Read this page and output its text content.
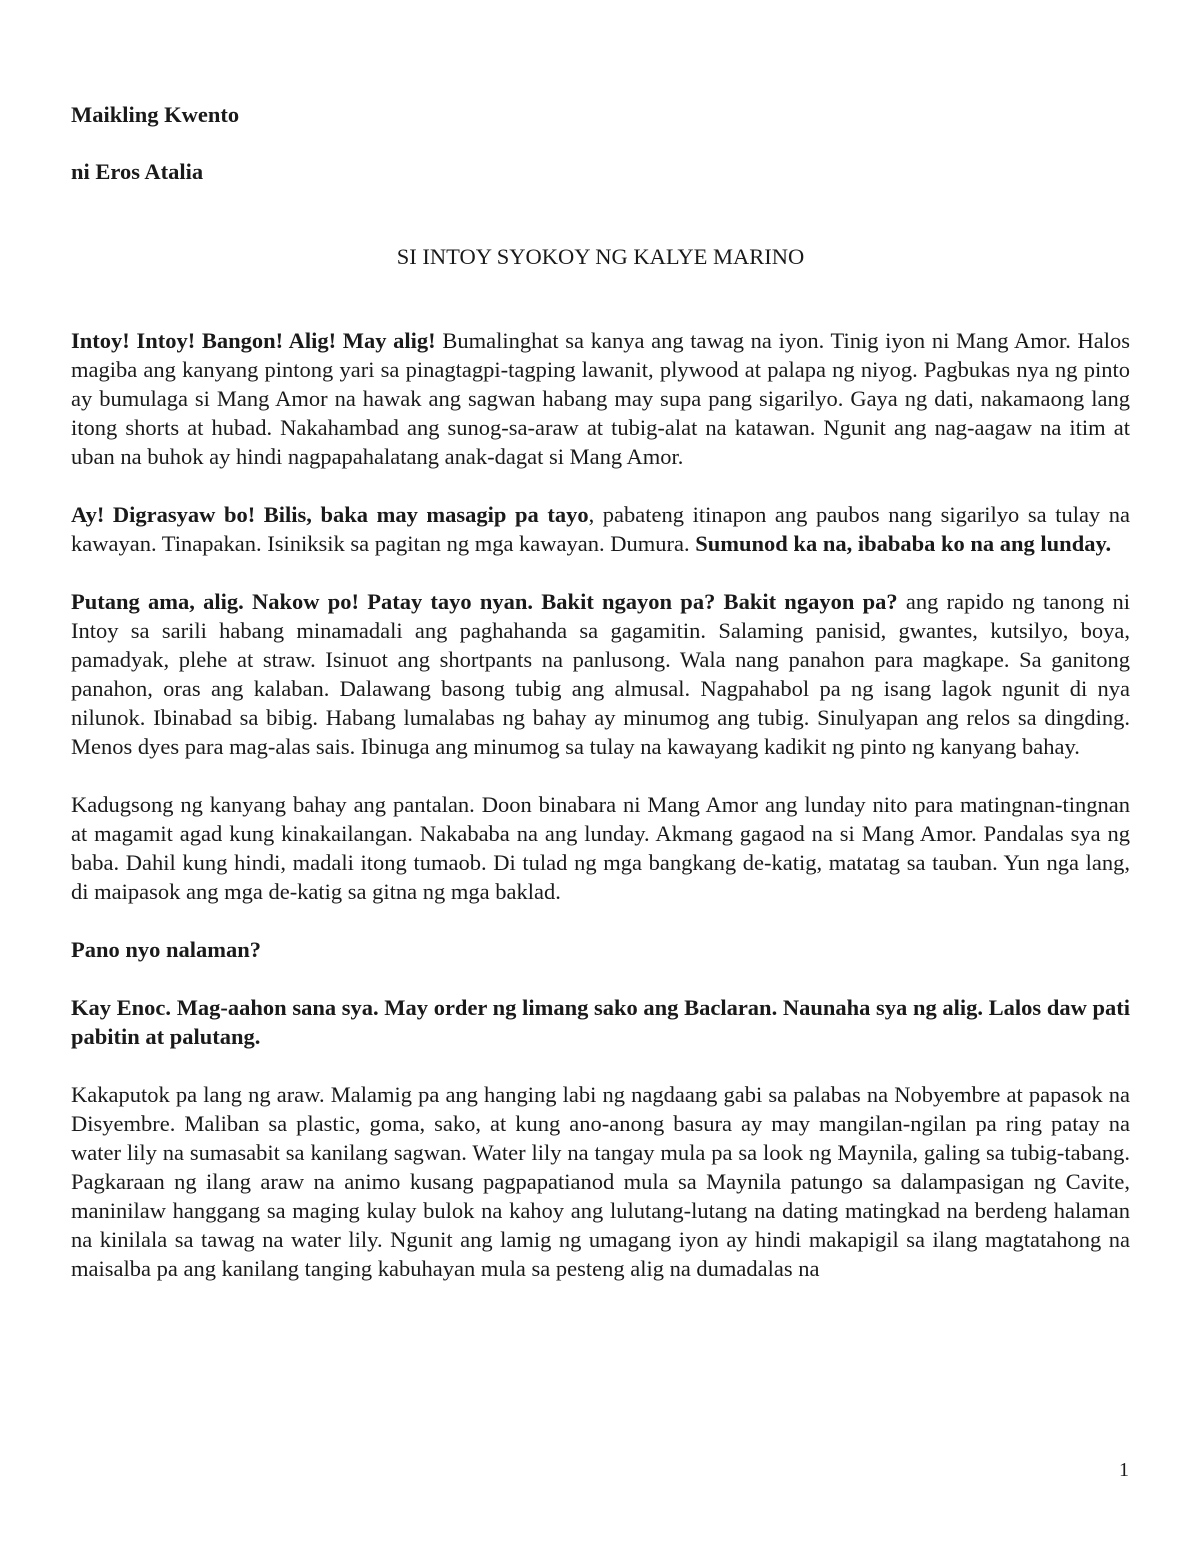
Maikling Kwento

ni Eros Atalia

SI INTOY SYOKOY NG KALYE MARINO

Intoy! Intoy! Bangon! Alig! May alig! Bumalinghat sa kanya ang tawag na iyon. Tinig iyon ni Mang Amor. Halos magiba ang kanyang pintong yari sa pinagtagpi-tagping lawanit, plywood at palapa ng niyog. Pagbukas nya ng pinto ay bumulaga si Mang Amor na hawak ang sagwan habang may supa pang sigarilyo. Gaya ng dati, nakamaong lang itong shorts at hubad. Nakahambad ang sunog-sa-araw at tubig-alat na katawan. Ngunit ang nag-aagaw na itim at uban na buhok ay hindi nagpapahalatang anak-dagat si Mang Amor.

Ay! Digrasyaw bo! Bilis, baka may masagip pa tayo, pabateng itinapon ang paubos nang sigarilyo sa tulay na kawayan. Tinapakan. Isiniksik sa pagitan ng mga kawayan. Dumura. Sumunod ka na, ibababa ko na ang lunday.

Putang ama, alig. Nakow po! Patay tayo nyan. Bakit ngayon pa? Bakit ngayon pa? ang rapido ng tanong ni Intoy sa sarili habang minamadali ang paghahanda sa gagamitin. Salaming panisid, gwantes, kutsilyo, boya, pamadyak, plehe at straw. Isinuot ang shortpants na panlusong. Wala nang panahon para magkape. Sa ganitong panahon, oras ang kalaban. Dalawang basong tubig ang almusal. Nagpahabol pa ng isang lagok ngunit di nya nilunok. Ibinabad sa bibig. Habang lumalabas ng bahay ay minumog ang tubig. Sinulyapan ang relos sa dingding. Menos dyes para mag-alas sais. Ibinuga ang minumog sa tulay na kawayang kadikit ng pinto ng kanyang bahay.

Kadugsong ng kanyang bahay ang pantalan. Doon binabara ni Mang Amor ang lunday nito para matingnan-tingnan at magamit agad kung kinakailangan. Nakababa na ang lunday. Akmang gagaod na si Mang Amor. Pandalas sya ng baba. Dahil kung hindi, madali itong tumaob. Di tulad ng mga bangkang de-katig, matatag sa tauban. Yun nga lang, di maipasok ang mga de-katig sa gitna ng mga baklad.

Pano nyo nalaman?

Kay Enoc. Mag-aahon sana sya. May order ng limang sako ang Baclaran. Naunaha sya ng alig. Lalos daw pati pabitin at palutang.

Kakaputok pa lang ng araw. Malamig pa ang hanging labi ng nagdaang gabi sa palabas na Nobyembre at papasok na Disyembre. Maliban sa plastic, goma, sako, at kung ano-anong basura ay may mangilan-ngilan pa ring patay na water lily na sumasabit sa kanilang sagwan. Water lily na tangay mula pa sa look ng Maynila, galing sa tubig-tabang. Pagkaraan ng ilang araw na animo kusang pagpapatianod mula sa Maynila patungo sa dalampasigan ng Cavite, maninilaw hanggang sa maging kulay bulok na kahoy ang lulutang-lutang na dating matingkad na berdeng halaman na kinilala sa tawag na water lily. Ngunit ang lamig ng umagang iyon ay hindi makapigil sa ilang magtatahong na maisalba pa ang kanilang tanging kabuhayan mula sa pesteng alig na dumadalas na

1
